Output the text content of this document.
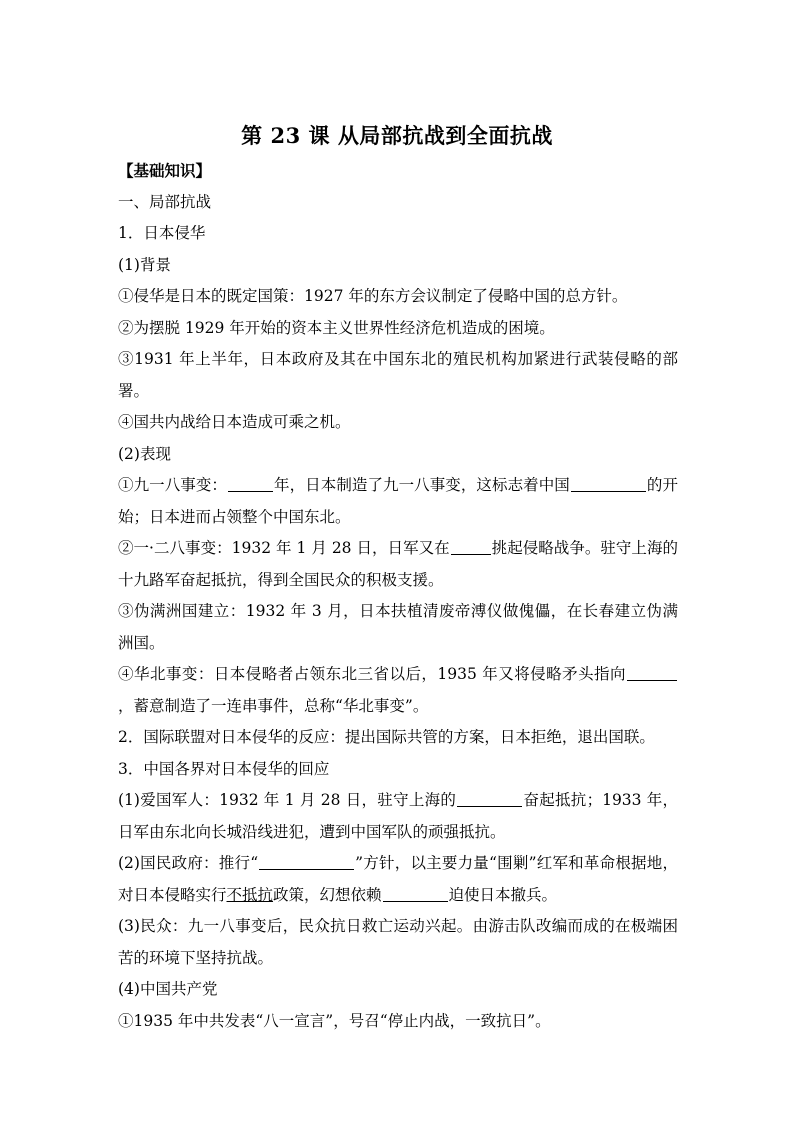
第 23 课 从局部抗战到全面抗战

【基础知识】

一、局部抗战

1．日本侵华

(1)背景

①侵华是日本的既定国策：1927 年的东方会议制定了侵略中国的总方针。

②为摆脱 1929 年开始的资本主义世界性经济危机造成的困境。

③1931 年上半年，日本政府及其在中国东北的殖民机构加紧进行武装侵略的部署。

④国共内战给日本造成可乘之机。

(2)表现

①九一八事变：	年，日本制造了九一八事变，这标志着中国	的开始；日本进而占领整个中国东北。

②一·二八事变：1932 年 1 月 28 日，日军又在	挑起侵略战争。驻守上海的十九路军奋起抵抗，得到全国民众的积极支援。

③伪满洲国建立：1932 年 3 月，日本扶植清废帝溥仪做傀儡，在长春建立伪满洲国。

④华北事变：日本侵略者占领东北三省以后，1935 年又将侵略矛头指向，蓄意制造了一连串事件，总称“华北事变”。

2．国际联盟对日本侵华的反应：提出国际共管的方案，日本拒绝，退出国联。

3．中国各界对日本侵华的回应

(1)爱国军人：1932 年 1 月 28 日，驻守上海的	奋起抵抗；1933 年，日军由东北向长城沿线进犯，遭到中国军队的顽强抵抗。

(2)国民政府：推行“	”方针，以主要力量“围剿”红军和革命根据地，对日本侵略实行不抵抗政策，幻想依赖	迫使日本撤兵。

(3)民众：九一八事变后，民众抗日救亡运动兴起。由游击队改编而成的在极端困苦的环境下坚持抗战。

(4)中国共产党

①1935 年中共发表“八一宣言”，号召“停止内战，一致抗日”。
